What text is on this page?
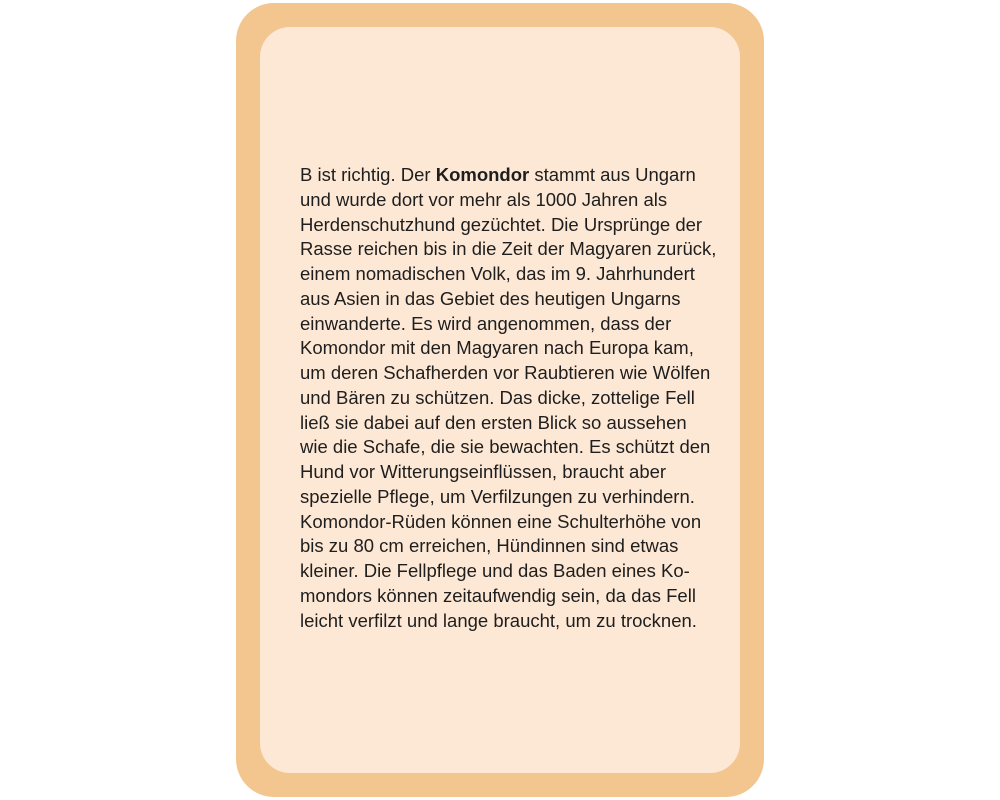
B ist richtig. Der Komondor stammt aus Ungarn
und wurde dort vor mehr als 1000 Jahren als
Herdenschutzhund gezüchtet. Die Ursprünge der
Rasse reichen bis in die Zeit der Magyaren zurück,
einem nomadischen Volk, das im 9. Jahrhundert
aus Asien in das Gebiet des heutigen Ungarns
einwanderte. Es wird angenommen, dass der
Komondor mit den Magyaren nach Europa kam,
um deren Schafherden vor Raubtieren wie Wölfen
und Bären zu schützen. Das dicke, zottelige Fell
ließ sie dabei auf den ersten Blick so aussehen
wie die Schafe, die sie bewachten. Es schützt den
Hund vor Witterungseinflüssen, braucht aber
spezielle Pflege, um Verfilzungen zu verhindern.
Komondor-Rüden können eine Schulterhöhe von
bis zu 80 cm erreichen, Hündinnen sind etwas
kleiner. Die Fellpflege und das Baden eines Ko-
mondors können zeitaufwendig sein, da das Fell
leicht verfilzt und lange braucht, um zu trocknen.
